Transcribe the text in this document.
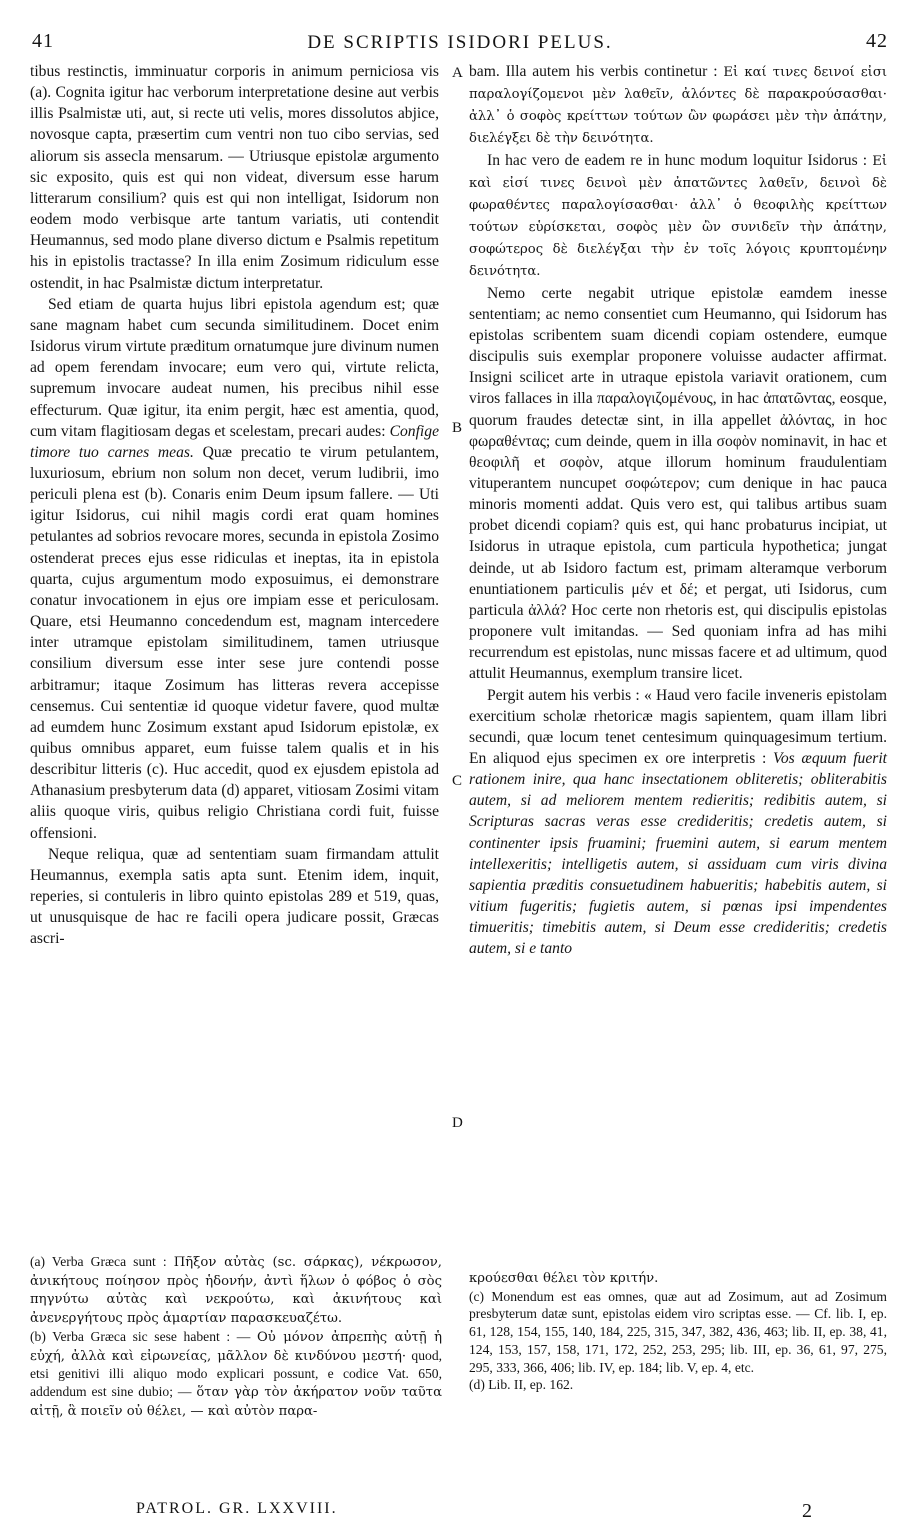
41	DE SCRIPTIS ISIDORI PELUS.	42

tibus restinctis, imminuatur corporis in animum perniciosa vis (a). Cognita igitur hac verborum interpretatione desine aut verbis illis Psalmistæ uti, aut, si recte uti velis, mores dissolutos abjice, novosque capta, præsertim cum ventri non tuo cibo servias, sed aliorum sis assecla mensarum. — Utriusque epistolæ argumento sic exposito, quis est qui non videat, diversum esse harum litterarum consilium? quis est qui non intelligat, Isidorum non eodem modo verbisque arte tantum variatis, uti contendit Heumannus, sed modo plane diverso dictum e Psalmis repetitum his in epistolis tractasse? In illa enim Zosimum ridiculum esse ostendit, in hac Psalmistæ dictum interpretatur.

Sed etiam de quarta hujus libri epistola agendum est; quæ sane magnam habet cum secunda similitudinem. Docet enim Isidorus virum virtute præditum ornatumque jure divinum numen ad opem ferendam invocare; eum vero qui, virtute relicta, supremum invocare audeat numen, his precibus nihil esse effecturum. Quæ igitur, ita enim pergit, hæc est amentia, quod, cum vitam flagitiosam degas et scelestam, precari audes: Confige timore tuo carnes meas. Quæ precatio te virum petulantem, luxuriosum, ebrium non solum non decet, verum ludibrii, imo periculi plena est (b). Conaris enim Deum ipsum fallere. — Uti igitur Isidorus, cui nihil magis cordi erat quam homines petulantes ad sobrios revocare mores, secunda in epistola Zosimo ostenderat preces ejus esse ridiculas et ineptas, ita in epistola quarta, cujus argumentum modo exposuimus, ei demonstrare conatur invocationem in ejus ore impiam esse et periculosam. Quare, etsi Heumanno concedendum est, magnam intercedere inter utramque epistolam similitudinem, tamen utriusque consilium diversum esse inter sese jure contendi posse arbitramur; itaque Zosimum has litteras revera accepisse censemus. Cui sententiæ id quoque videtur favere, quod multæ ad eumdem hunc Zosimum exstant apud Isidorum epistolæ, ex quibus omnibus apparet, eum fuisse talem qualis et in his describitur litteris (c). Huc accedit, quod ex ejusdem epistola ad Athanasium presbyterum data (d) apparet, vitiosam Zosimi vitam aliis quoque viris, quibus religio Christiana cordi fuit, fuisse offensioni.

Neque reliqua, quæ ad sententiam suam firmandam attulit Heumannus, exempla satis apta sunt. Etenim idem, inquit, reperies, si contuleris in libro quinto epistolas 289 et 519, quas, ut unusquisque de hac re facili opera judicare possit, Græcas ascri-

bam. Illa autem his verbis continetur : Εἰ καί τινες δεινοί εἰσι παραλογίζομενοι μὲν λαθεῖν, ἀλόντες δὲ παρακρούσασθαι· ἀλλ᾽ ὁ σοφὸς κρείττων τούτων ὢν φωράσει μὲν τὴν ἀπάτην, διελέγξει δὲ τὴν δεινότητα.

In hac vero de eadem re in hunc modum loquitur Isidorus : Εἰ καὶ εἰσί τινες δεινοὶ μὲν ἀπατῶντες λαθεῖν, δεινοὶ δὲ φωραθέντες παραλογίσασθαι· ἀλλ᾽ ὁ θεοφιλὴς κρείττων τούτων εὑρίσκεται, σοφὸς μὲν ὢν συνιδεῖν τὴν ἀπάτην, σοφώτερος δὲ διελέγξαι τὴν ἐν τοῖς λόγοις κρυπτομένην δεινότητα.

Nemo certe negabit utrique epistolæ eamdem inesse sententiam; ac nemo consentiet cum Heumanno, qui Isidorum has epistolas scribentem suam dicendi copiam ostendere, eumque discipulis suis exemplar proponere voluisse audacter affirmat. Insigni scilicet arte in utraque epistola variavit orationem, cum viros fallaces in illa παραλογιζομένους, in hac ἀπατῶντας, eosque, quorum fraudes detectæ sint, in illa appellet ἀλόντας, in hoc φωραθέντας; cum deinde, quem in illa σοφὸν nominavit, in hac et θεοφιλῆ et σοφὸν, atque illorum hominum fraudulentiam vituperantem nuncupet σοφώτερον; cum denique in hac pauca minoris momenti addat. Quis vero est, qui talibus artibus suam probet dicendi copiam? quis est, qui hanc probaturus incipiat, ut Isidorus in utraque epistola, cum particula hypothetica; jungat deinde, ut ab Isidoro factum est, primam alteramque verborum enuntiationem particulis μέν et δέ; et pergat, uti Isidorus, cum particula ἀλλά? Hoc certe non rhetoris est, qui discipulis epistolas proponere vult imitandas. — Sed quoniam infra ad has mihi recurrendum est epistolas, nunc missas facere et ad ultimum, quod attulit Heumannus, exemplum transire licet.

Pergit autem his verbis : « Haud vero facile inveneris epistolam exercitium scholæ rhetoricæ magis sapientem, quam illam libri secundi, quæ locum tenet centesimum quinquagesimum tertium. En aliquod ejus specimen ex ore interpretis : Vos æquum fuerit rationem inire, qua hanc insectationem obliteretis; obliterabitis autem, si ad meliorem mentem redieritis; redibitis autem, si Scripturas sacras veras esse credideritis; credetis autem, si continenter ipsis fruamini; fruemini autem, si earum mentem intellexeritis; intelligetis autem, si assiduam cum viris divina sapientia præditis consuetudinem habueritis; habebitis autem, si vitium fugeritis; fugietis autem, si pœnas ipsi impendentes timueritis; timebitis autem, si Deum esse credideritis; credetis autem, si e tanto

A
B
C
D

(a) Verba Græca sunt : Πῆξον αὐτὰς (sc. σάρκας), νέκρωσον, ἀνικήτους ποίησον πρὸς ἡδονήν, ἀντὶ ἥλων ὁ φόβος ὁ σὸς πηγνύτω αὐτὰς καὶ νεκρούτω, καὶ ἀκινήτους καὶ ἀνενεργήτους πρὸς ἁμαρτίαν παρασκευαζέτω.

(b) Verba Græca sic sese habent : — Οὐ μόνον ἀπρεπὴς αὐτῇ ἡ εὐχή, ἀλλὰ καὶ εἰρωνείας, μᾶλλον δὲ κινδύνου μεστή· quod, etsi genitivi illi aliquo modo explicari possunt, e codice Vat. 650, addendum est sine dubio; — ὅταν γὰρ τὸν ἀκήρατον νοῦν ταῦτα αἰτῇ, ἃ ποιεῖν οὐ θέλει, — καὶ αὐτὸν παρα-

κρούεσθαι θέλει τὸν κριτήν.

(c) Monendum est eas omnes, quæ aut ad Zosimum, aut ad Zosimum presbyterum datæ sunt, epistolas eidem viro scriptas esse. — Cf. lib. I, ep. 61, 128, 154, 155, 140, 184, 225, 315, 347, 382, 436, 463; lib. II, ep. 38, 41, 124, 153, 157, 158, 171, 172, 252, 253, 295; lib. III, ep. 36, 61, 97, 275, 295, 333, 366, 406; lib. IV, ep. 184; lib. V, ep. 4, etc.

(d) Lib. II, ep. 162.

PATROL. GR. LXXVIII.	2
